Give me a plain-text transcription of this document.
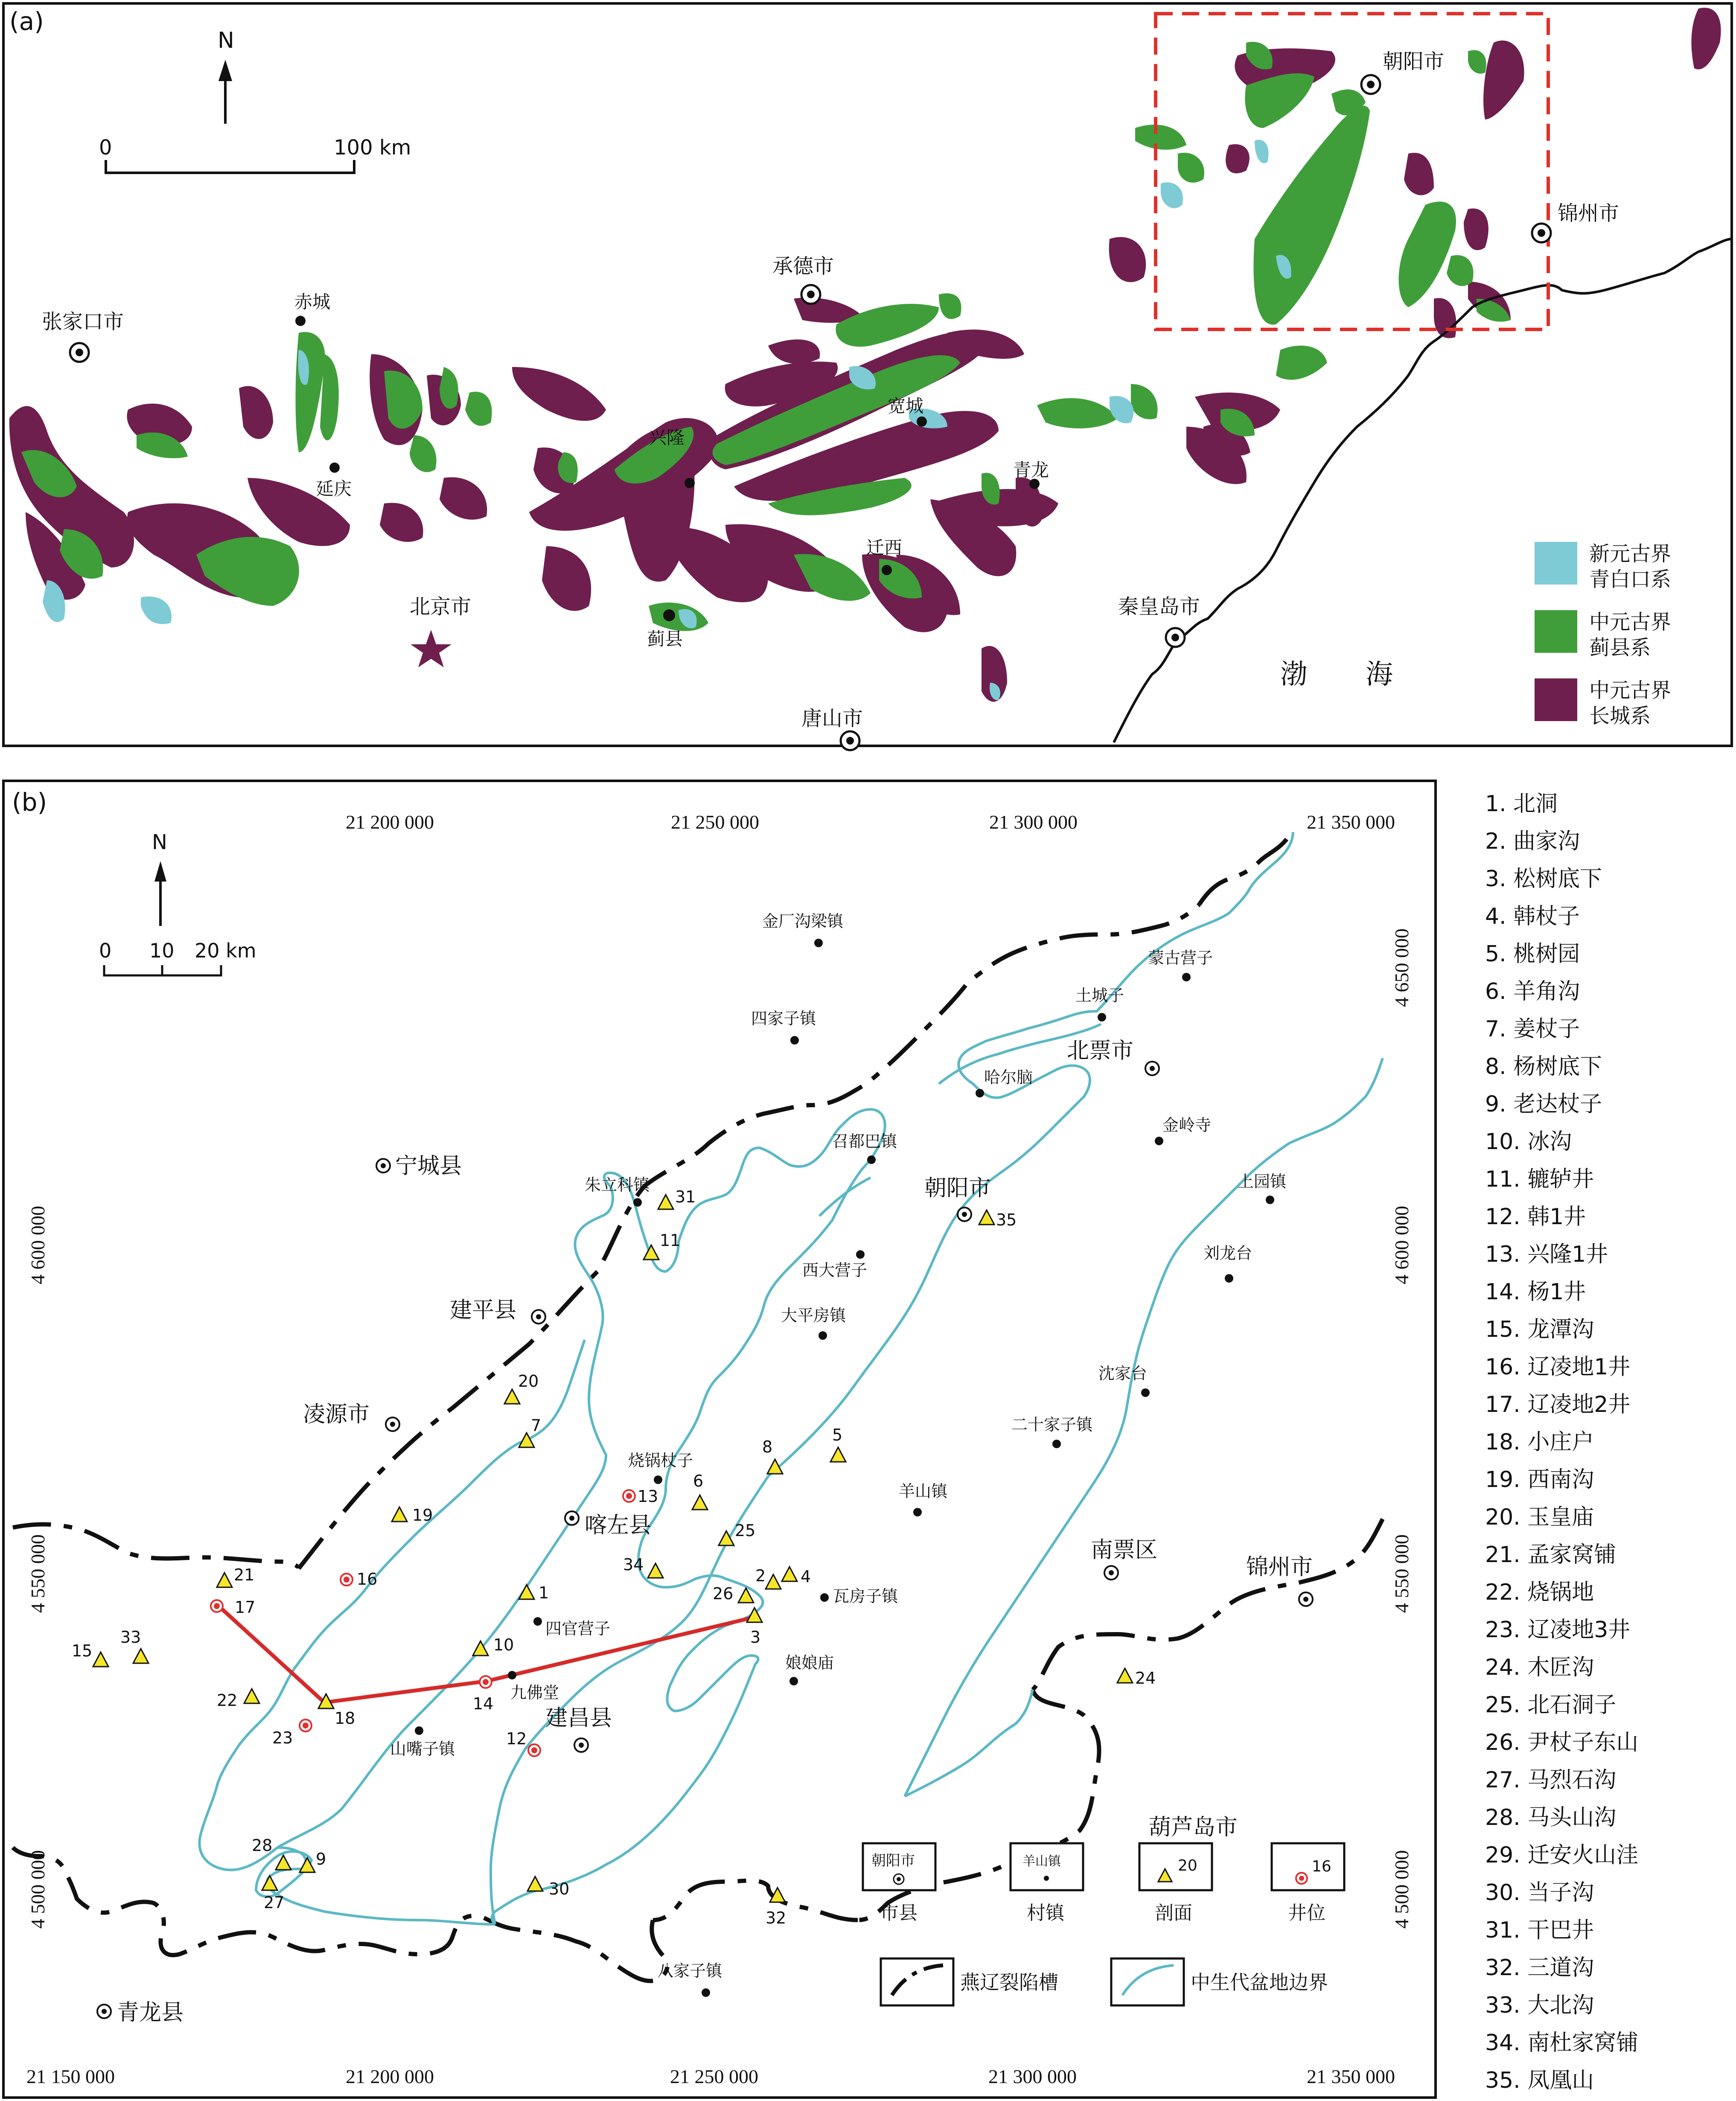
(a)
N
0	100 km
张家口市
赤城
延庆
北京市
承德市
宽城
兴隆
青龙
迁西
蓟县
唐山市
秦皇岛市
朝阳市
锦州市
渤 海
新元古界
青白口系
中元古界
蓟县系
中元古界
长城系
(b)
21 200 000	21 250 000	21 300 000	21 350 000
21 150 000	21 200 000	21 250 000	21 300 000	21 350 000
4 600 000
4 550 000
4 500 000
4 650 000
4 600 000
4 550 000
4 500 000
N
0 10 20 km
宁城县
建平县
凌源市
喀左县
建昌县
朝阳市
北票市
南票区
锦州市
葫芦岛市
青龙县
金厂沟梁镇
四家子镇
蒙古营子
土城子
哈尔脑
金岭寺
召都巴镇
上园镇
朱立科镇
西大营子
刘龙台
大平房镇
沈家台
二十家子镇
烧锅杖子
羊山镇
瓦房子镇
四官营子
九佛堂
娘娘庙
山嘴子镇
八家子镇
1
2
3
4
5
6
7
8
9
10
11
15
18
19
20
21
22
24
25
26
27
28
30
31
32
33
34
35
12
13
14
16
17
23
朝阳市
市县
羊山镇
村镇
20
剖面
16
井位
燕辽裂陷槽	中生代盆地边界
1. 北洞
2. 曲家沟
3. 松树底下
4. 韩杖子
5. 桃树园
6. 羊角沟
7. 姜杖子
8. 杨树底下
9. 老达杖子
10. 冰沟
11. 辘轳井
12. 韩1井
13. 兴隆1井
14. 杨1井
15. 龙潭沟
16. 辽凌地1井
17. 辽凌地2井
18. 小庄户
19. 西南沟
20. 玉皇庙
21. 孟家窝铺
22. 烧锅地
23. 辽凌地3井
24. 木匠沟
25. 北石洞子
26. 尹杖子东山
27. 马烈石沟
28. 马头山沟
29. 迁安火山洼
30. 当子沟
31. 干巴井
32. 三道沟
33. 大北沟
34. 南杜家窝铺
35. 凤凰山
